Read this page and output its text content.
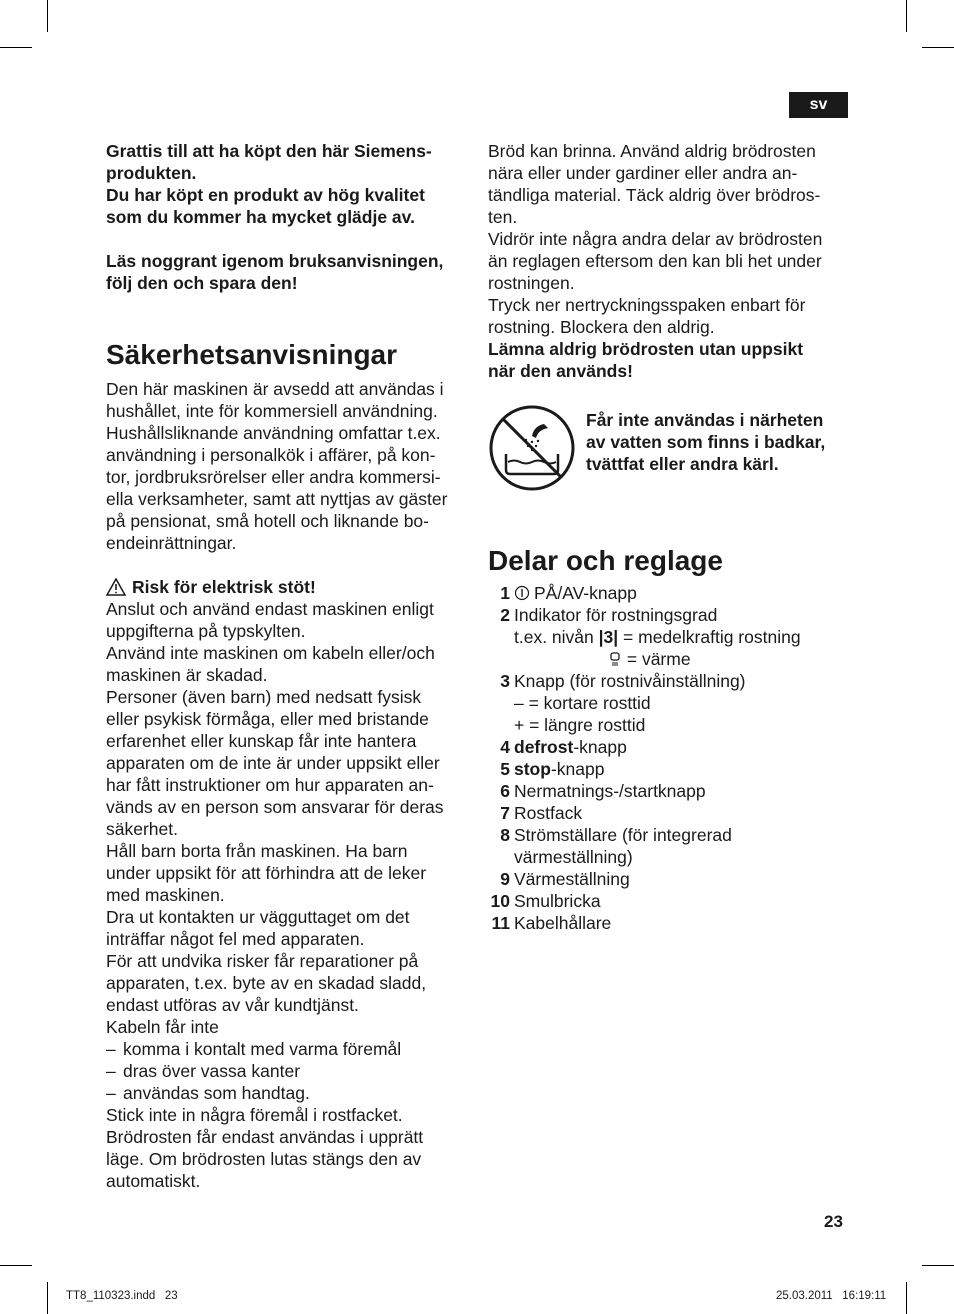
sv

Grattis till att ha köpt den här Siemens-

produkten.

Du har köpt en produkt av hög kvalitet

som du kommer ha mycket glädje av.

Läs noggrant igenom bruksanvisningen,

följ den och spara den!

Säkerhetsanvisningar
Den här maskinen är avsedd att användas i
hushållet, inte för kommersiell användning.
Hushållsliknande användning omfattar t.ex.
användning i personalkök i affärer, på kon-
tor, jordbruksrörelser eller andra kommersi-
ella verksamheter, samt att nyttjas av gäster
på pensionat, små hotell och liknande bo-
endeinrättningar.
Risk för elektrisk stöt!
Anslut och använd endast maskinen enligt
uppgifterna på typskylten.
Använd inte maskinen om kabeln eller/och
maskinen är skadad.
Personer (även barn) med nedsatt fysisk
eller psykisk förmåga, eller med bristande
erfarenhet eller kunskap får inte hantera
apparaten om de inte är under uppsikt eller
har fått instruktioner om hur apparaten an-
vänds av en person som ansvarar för deras
säkerhet.
Håll barn borta från maskinen. Ha barn
under uppsikt för att förhindra att de leker
med maskinen.
Dra ut kontakten ur vägguttaget om det
inträffar något fel med apparaten.
För att undvika risker får reparationer på
apparaten, t.ex. byte av en skadad sladd,
endast utföras av vår kundtjänst.
Kabeln får inte
– komma i kontalt med varma föremål
– dras över vassa kanter
– användas som handtag.
Stick inte in några föremål i rostfacket.
Brödrosten får endast användas i upprätt
läge. Om brödrosten lutas stängs den av
automatiskt.
Bröd kan brinna. Använd aldrig brödrosten
nära eller under gardiner eller andra an-
tändliga material. Täck aldrig över brödros-
ten.
Vidrör inte några andra delar av brödrosten
än reglagen eftersom den kan bli het under
rostningen.
Tryck ner nertryckningsspaken enbart för
rostning. Blockera den aldrig.
Lämna aldrig brödrosten utan uppsikt
när den används!
Får inte användas i närheten
av vatten som finns i badkar,
tvättfat eller andra kärl.
Delar och reglage
1	PÅ/AV-knapp
2 Indikator för rostningsgrad
t.ex. nivån |3| = medelkraftig rostning
= värme
3 Knapp (för rostnivåinställning)
– = kortare rosttid
+ = längre rosttid
4 defrost-knapp
5 stop-knapp
6 Nermatnings-/startknapp
7 Rostfack
8 Strömställare (för integrerad
värmeställning)
9 Värmeställning
10 Smulbricka
11 Kabelhållare
23
TT8_110323.indd   23	25.03.2011   16:19:11
